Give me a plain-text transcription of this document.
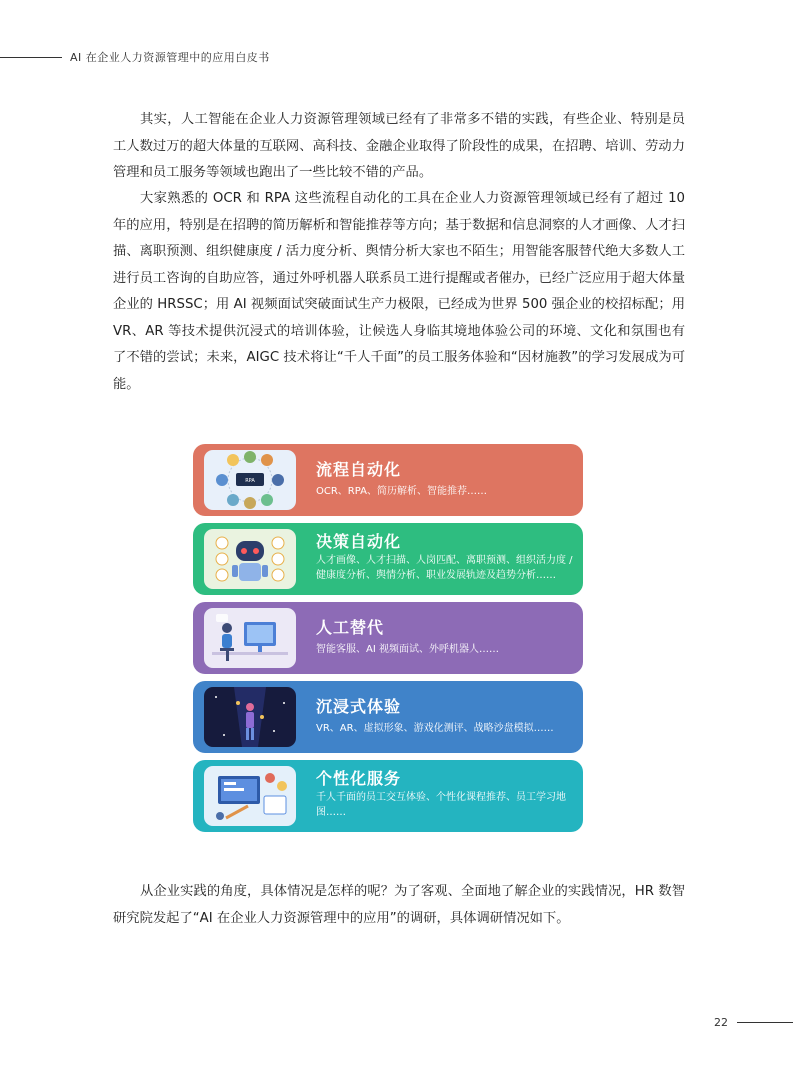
AI 在企业人力资源管理中的应用白皮书

其实，人工智能在企业人力资源管理领域已经有了非常多不错的实践，有些企业、特别是员工人数过万的超大体量的互联网、高科技、金融企业取得了阶段性的成果，在招聘、培训、劳动力管理和员工服务等领域也跑出了一些比较不错的产品。

大家熟悉的 OCR 和 RPA 这些流程自动化的工具在企业人力资源管理领域已经有了超过 10 年的应用，特别是在招聘的简历解析和智能推荐等方向；基于数据和信息洞察的人才画像、人才扫描、离职预测、组织健康度 / 活力度分析、舆情分析大家也不陌生；用智能客服替代绝大多数人工进行员工咨询的自助应答，通过外呼机器人联系员工进行提醒或者催办，已经广泛应用于超大体量企业的 HRSSC；用 AI 视频面试突破面试生产力极限，已经成为世界 500 强企业的校招标配；用 VR、AR 等技术提供沉浸式的培训体验，让候选人身临其境地体验公司的环境、文化和氛围也有了不错的尝试；未来，AIGC 技术将让“千人千面”的员工服务体验和“因材施教”的学习发展成为可能。

RPA
流程自动化
OCR、RPA、简历解析、智能推荐……
决策自动化
人才画像、人才扫描、人岗匹配、离职预测、组织活力度 / 健康度分析、舆情分析、职业发展轨迹及趋势分析……
人工替代
智能客服、AI 视频面试、外呼机器人……
沉浸式体验
VR、AR、虚拟形象、游戏化测评、战略沙盘模拟……
个性化服务
千人千面的员工交互体验、个性化课程推荐、员工学习地图……

从企业实践的角度，具体情况是怎样的呢？为了客观、全面地了解企业的实践情况，HR 数智研究院发起了“AI 在企业人力资源管理中的应用”的调研，具体调研情况如下。

22
